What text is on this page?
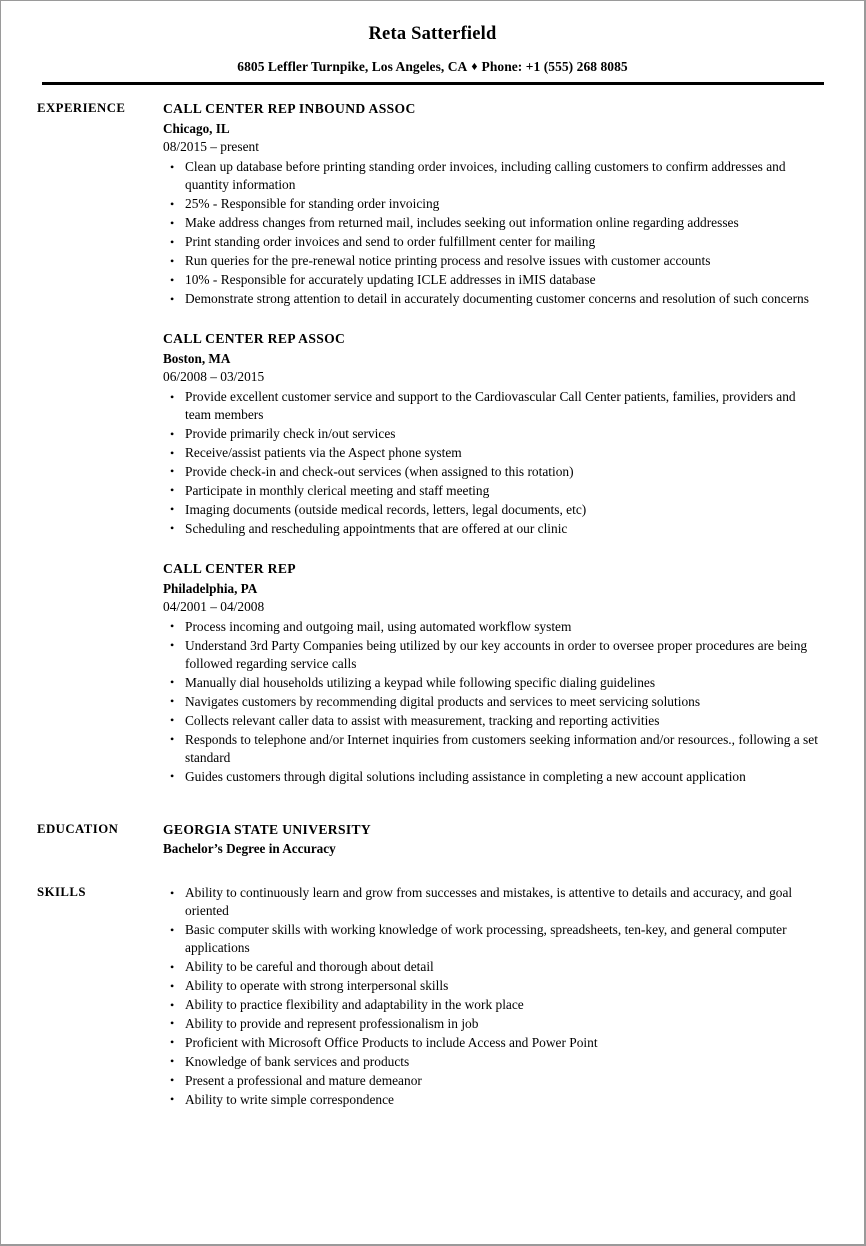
Reta Satterfield
6805 Leffler Turnpike, Los Angeles, CA ♦ Phone: +1 (555) 268 8085
EXPERIENCE	CALL CENTER REP INBOUND ASSOC
Chicago, IL
08/2015 – present
• Clean up database before printing standing order invoices, including calling customers to confirm addresses and quantity information
• 25% - Responsible for standing order invoicing
• Make address changes from returned mail, includes seeking out information online regarding addresses
• Print standing order invoices and send to order fulfillment center for mailing
• Run queries for the pre-renewal notice printing process and resolve issues with customer accounts
• 10% - Responsible for accurately updating ICLE addresses in iMIS database
• Demonstrate strong attention to detail in accurately documenting customer concerns and resolution of such concerns
CALL CENTER REP ASSOC
Boston, MA
06/2008 – 03/2015
• Provide excellent customer service and support to the Cardiovascular Call Center patients, families, providers and team members
• Provide primarily check in/out services
• Receive/assist patients via the Aspect phone system
• Provide check-in and check-out services (when assigned to this rotation)
• Participate in monthly clerical meeting and staff meeting
• Imaging documents (outside medical records, letters, legal documents, etc)
• Scheduling and rescheduling appointments that are offered at our clinic
CALL CENTER REP
Philadelphia, PA
04/2001 – 04/2008
• Process incoming and outgoing mail, using automated workflow system
• Understand 3rd Party Companies being utilized by our key accounts in order to oversee proper procedures are being followed regarding service calls
• Manually dial households utilizing a keypad while following specific dialing guidelines
• Navigates customers by recommending digital products and services to meet servicing solutions
• Collects relevant caller data to assist with measurement, tracking and reporting activities
• Responds to telephone and/or Internet inquiries from customers seeking information and/or resources., following a set standard
• Guides customers through digital solutions including assistance in completing a new account application
EDUCATION	GEORGIA STATE UNIVERSITY
Bachelor’s Degree in Accuracy
SKILLS	• Ability to continuously learn and grow from successes and mistakes, is attentive to details and accuracy, and goal oriented
• Basic computer skills with working knowledge of work processing, spreadsheets, ten-key, and general computer applications
• Ability to be careful and thorough about detail
• Ability to operate with strong interpersonal skills
• Ability to practice flexibility and adaptability in the work place
• Ability to provide and represent professionalism in job
• Proficient with Microsoft Office Products to include Access and Power Point
• Knowledge of bank services and products
• Present a professional and mature demeanor
• Ability to write simple correspondence
